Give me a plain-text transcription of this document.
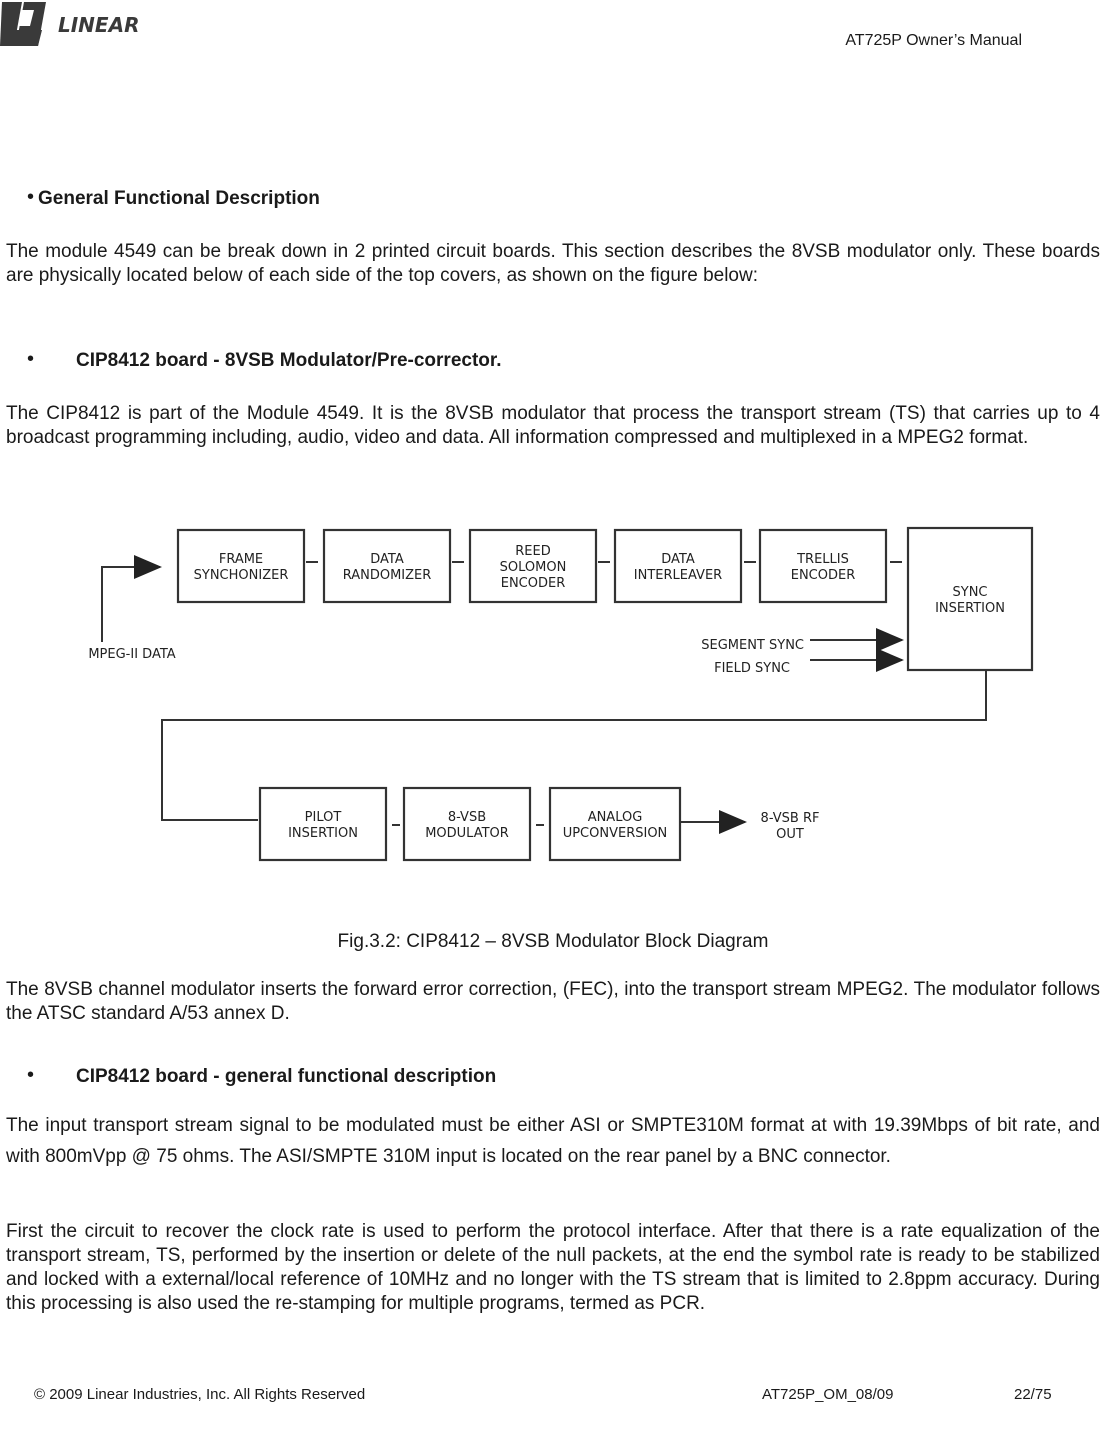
LINEAR
AT725P Owner’s Manual
• General Functional Description
The module 4549 can be break down in 2 printed circuit boards. This section describes the 8VSB modulator only. These boards are physically located below of each side of the top covers, as shown on the figure below:
• CIP8412 board - 8VSB Modulator/Pre-corrector.
The CIP8412 is part of the Module 4549. It is the 8VSB modulator that process the transport stream (TS) that carries up to 4 broadcast programming including, audio, video and data. All information compressed and multiplexed in a MPEG2 format.
FRAME SYNCHONIZER
DATA RANDOMIZER
REED SOLOMON ENCODER
DATA INTERLEAVER
TRELLIS ENCODER
SYNC INSERTION
SEGMENT SYNC
FIELD SYNC
MPEG-II DATA
PILOT INSERTION
8-VSB MODULATOR
ANALOG UPCONVERSION
8-VSB RF OUT
Fig.3.2: CIP8412 – 8VSB Modulator Block Diagram
The 8VSB channel modulator inserts the forward error correction, (FEC), into the transport stream MPEG2. The modulator follows the ATSC standard A/53 annex D.
• CIP8412 board - general functional description
The input transport stream signal to be modulated must be either ASI or SMPTE310M format at with 19.39Mbps of bit rate, and with 800mVpp @ 75 ohms. The ASI/SMPTE 310M input is located on the rear panel by a BNC connector.
First the circuit to recover the clock rate is used to perform the protocol interface. After that there is a rate equalization of the transport stream, TS, performed by the insertion or delete of the null packets, at the end the symbol rate is ready to be stabilized and locked with a external/local reference of 10MHz and no longer with the TS stream that is limited to 2.8ppm accuracy. During this processing is also used the re-stamping for multiple programs, termed as PCR.
© 2009 Linear Industries, Inc. All Rights Reserved	AT725P_OM_08/09	22/75
